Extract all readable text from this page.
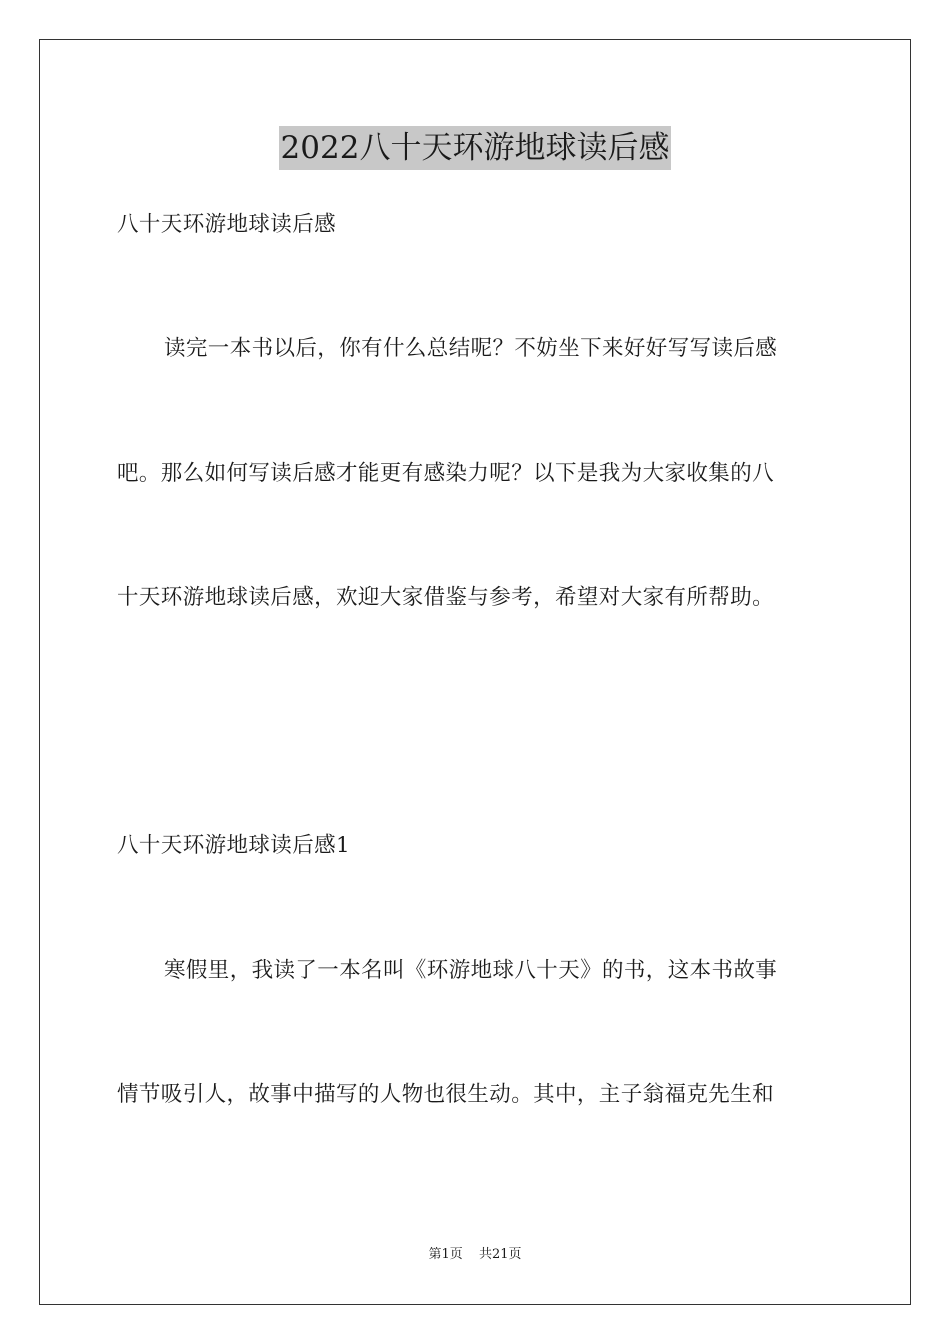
2022八十天环游地球读后感
八十天环游地球读后感
读完一本书以后，你有什么总结呢？不妨坐下来好好写写读后感
吧。那么如何写读后感才能更有感染力呢？以下是我为大家收集的八
十天环游地球读后感，欢迎大家借鉴与参考，希望对大家有所帮助。
八十天环游地球读后感1
寒假里，我读了一本名叫《环游地球八十天》的书，这本书故事
情节吸引人，故事中描写的人物也很生动。其中，主子翁福克先生和
第1页 共21页
